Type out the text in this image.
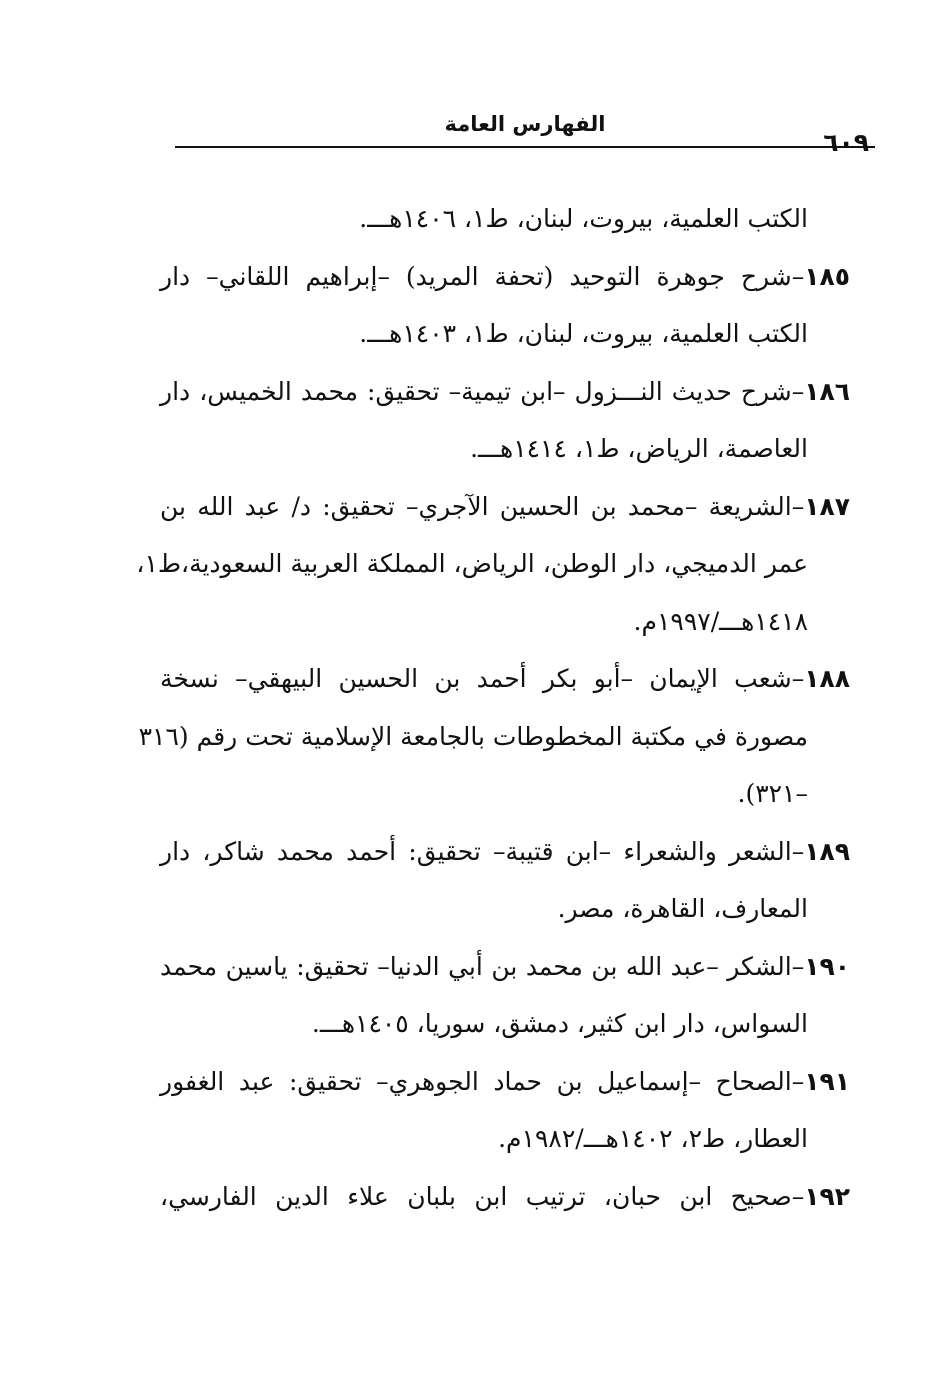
٦٠٩
الفهارس العامة
الكتب العلمية، بيروت، لبنان، ط١، ١٤٠٦هـــ.
١٨٥–شرح جوهرة التوحيد (تحفة المريد) –إبراهيم اللقاني– دار
الكتب العلمية، بيروت، لبنان، ط١، ١٤٠٣هـــ.
١٨٦–شرح حديث النـــزول –ابن تيمية– تحقيق: محمد الخميس، دار
العاصمة، الرياض، ط١، ١٤١٤هـــ.
١٨٧–الشريعة –محمد بن الحسين الآجري– تحقيق: د/ عبد الله بن
عمر الدميجي، دار الوطن، الرياض، المملكة العربية السعودية،ط١،
١٤١٨هـــ/١٩٩٧م.
١٨٨–شعب الإيمان –أبو بكر أحمد بن الحسين البيهقي– نسخة
مصورة في مكتبة المخطوطات بالجامعة الإسلامية تحت رقم (٣١٦
–٣٢١).
١٨٩–الشعر والشعراء –ابن قتيبة– تحقيق: أحمد محمد شاكر، دار
المعارف، القاهرة، مصر.
١٩٠–الشكر –عبد الله بن محمد بن أبي الدنيا– تحقيق: ياسين محمد
السواس، دار ابن كثير، دمشق، سوريا، ١٤٠٥هـــ.
١٩١–الصحاح –إسماعيل بن حماد الجوهري– تحقيق: عبد الغفور
العطار، ط٢، ١٤٠٢هـــ/١٩٨٢م.
١٩٢–صحيح ابن حبان، ترتيب ابن بلبان علاء الدين الفارسي،
